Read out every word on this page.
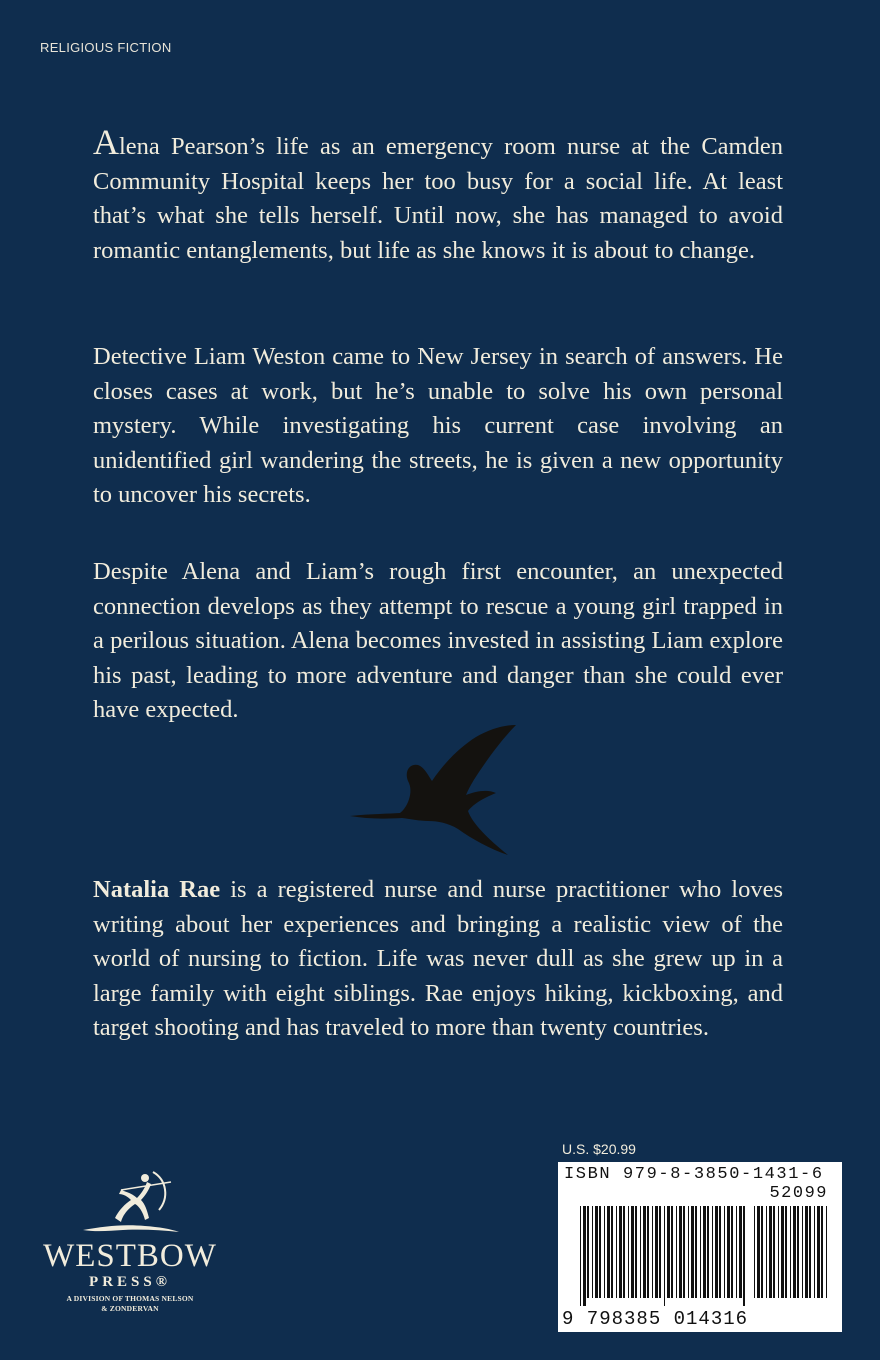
RELIGIOUS FICTION

Alena Pearson’s life as an emergency room nurse at the Camden Community Hospital keeps her too busy for a social life. At least that’s what she tells herself. Until now, she has managed to avoid romantic entanglements, but life as she knows it is about to change.

Detective Liam Weston came to New Jersey in search of answers. He closes cases at work, but he’s unable to solve his own personal mystery. While investigating his current case involving an unidentified girl wandering the streets, he is given a new opportunity to uncover his secrets.

Despite Alena and Liam’s rough first encounter, an unexpected connection develops as they attempt to rescue a young girl trapped in a perilous situation. Alena becomes invested in assisting Liam explore his past, leading to more adventure and danger than she could ever have expected.

Natalia Rae is a registered nurse and nurse practitioner who loves writing about her experiences and bringing a realistic view of the world of nursing to fiction. Life was never dull as she grew up in a large family with eight siblings. Rae enjoys hiking, kickboxing, and target shooting and has traveled to more than twenty countries.

WESTBOW
PRESS®
A DIVISION OF THOMAS NELSON
& ZONDERVAN
U.S. $20.99
ISBN 979-8-3850-1431-6
52099
9 798385 014316
